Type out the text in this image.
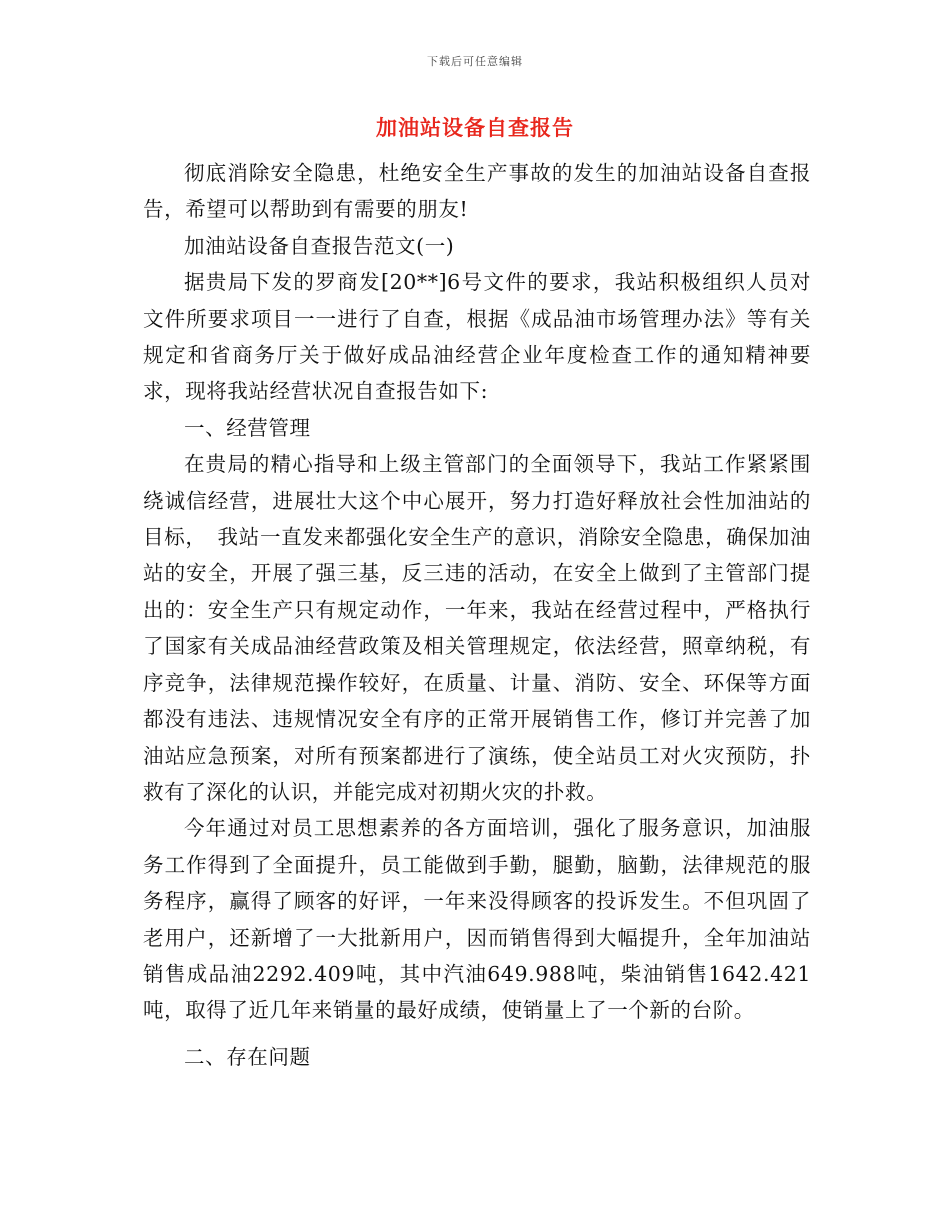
下载后可任意编辑
加油站设备自查报告

彻底消除安全隐患，杜绝安全生产事故的发生的加油站设备自查报告，希望可以帮助到有需要的朋友!

加油站设备自查报告范文(一)

据贵局下发的罗商发[20**]6号文件的要求，我站积极组织人员对文件所要求项目一一进行了自查，根据《成品油市场管理办法》等有关规定和省商务厅关于做好成品油经营企业年度检查工作的通知精神要求，现将我站经营状况自查报告如下:

一、经营管理

在贵局的精心指导和上级主管部门的全面领导下，我站工作紧紧围绕诚信经营，进展壮大这个中心展开，努力打造好释放社会性加油站的目标，　我站一直发来都强化安全生产的意识，消除安全隐患，确保加油站的安全，开展了强三基，反三违的活动，在安全上做到了主管部门提出的：安全生产只有规定动作，一年来，我站在经营过程中，严格执行了国家有关成品油经营政策及相关管理规定，依法经营，照章纳税，有序竞争，法律规范操作较好，在质量、计量、消防、安全、环保等方面都没有违法、违规情况安全有序的正常开展销售工作，修订并完善了加油站应急预案，对所有预案都进行了演练，使全站员工对火灾预防，扑救有了深化的认识，并能完成对初期火灾的扑救。

今年通过对员工思想素养的各方面培训，强化了服务意识，加油服务工作得到了全面提升，员工能做到手勤，腿勤，脑勤，法律规范的服务程序，赢得了顾客的好评，一年来没得顾客的投诉发生。不但巩固了老用户，还新增了一大批新用户，因而销售得到大幅提升，全年加油站销售成品油2292.409吨，其中汽油649.988吨，柴油销售1642.421吨，取得了近几年来销量的最好成绩，使销量上了一个新的台阶。

二、存在问题
